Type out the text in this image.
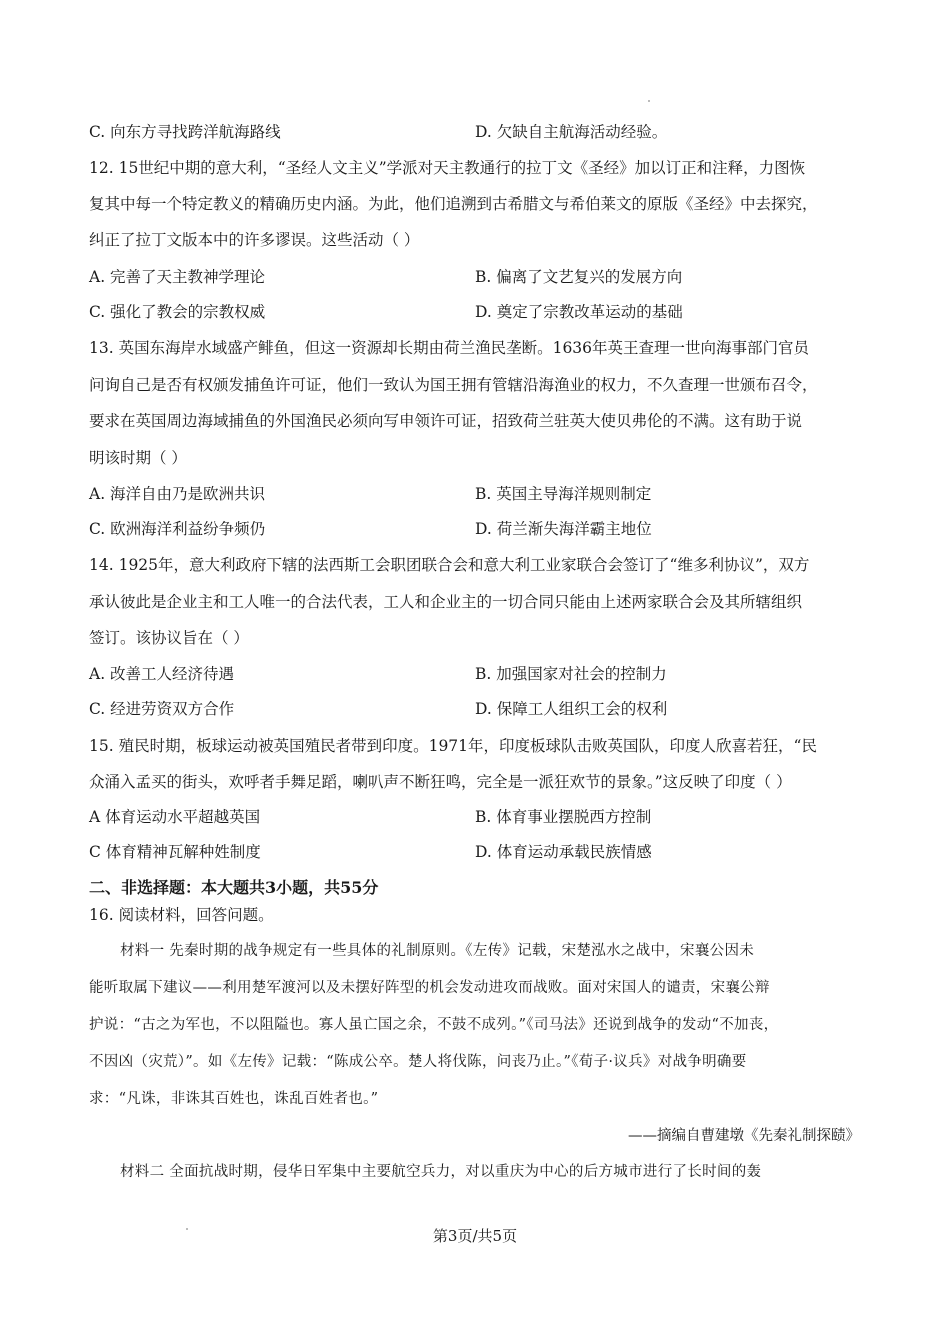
C. 向东方寻找跨洋航海路线	D. 欠缺自主航海活动经验。
12. 15世纪中期的意大利，“圣经人文主义”学派对天主教通行的拉丁文《圣经》加以订正和注释，力图恢
复其中每一个特定教义的精确历史内涵。为此，他们追溯到古希腊文与希伯莱文的原版《圣经》中去探究，
纠正了拉丁文版本中的许多谬误。这些活动（ ）
A. 完善了天主教神学理论	B. 偏离了文艺复兴的发展方向
C. 强化了教会的宗教权威	D. 奠定了宗教改革运动的基础
13. 英国东海岸水域盛产鲱鱼，但这一资源却长期由荷兰渔民垄断。1636年英王查理一世向海事部门官员
问询自己是否有权颁发捕鱼许可证，他们一致认为国王拥有管辖沿海渔业的权力，不久查理一世颁布召令，
要求在英国周边海域捕鱼的外国渔民必须向写申领许可证，招致荷兰驻英大使贝弗伦的不满。这有助于说
明该时期（ ）
A. 海洋自由乃是欧洲共识	B. 英国主导海洋规则制定
C. 欧洲海洋利益纷争频仍	D. 荷兰渐失海洋霸主地位
14. 1925年，意大利政府下辖的法西斯工会职团联合会和意大利工业家联合会签订了“维多利协议”，双方
承认彼此是企业主和工人唯一的合法代表，工人和企业主的一切合同只能由上述两家联合会及其所辖组织
签订。该协议旨在（ ）
A. 改善工人经济待遇	B. 加强国家对社会的控制力
C. 经进劳资双方合作	D. 保障工人组织工会的权利
15. 殖民时期，板球运动被英国殖民者带到印度。1971年，印度板球队击败英国队，印度人欣喜若狂，“民
众涌入孟买的街头，欢呼者手舞足蹈，喇叭声不断狂鸣，完全是一派狂欢节的景象。”这反映了印度（ ）
A 体育运动水平超越英国	B. 体育事业摆脱西方控制
C 体育精神瓦解种姓制度	D. 体育运动承载民族情感
二、非选择题：本大题共3小题，共55分
16. 阅读材料，回答问题。
材料一 先秦时期的战争规定有一些具体的礼制原则。《左传》记载，宋楚泓水之战中，宋襄公因未
能听取属下建议——利用楚军渡河以及未摆好阵型的机会发动进攻而战败。面对宋国人的谴责，宋襄公辩
护说：“古之为军也，不以阻隘也。寡人虽亡国之余，不鼓不成列。”《司马法》还说到战争的发动“不加丧，
不因凶（灾荒）”。如《左传》记载：“陈成公卒。楚人将伐陈，问丧乃止。”《荀子·议兵》对战争明确要
求：“凡诛，非诛其百姓也，诛乱百姓者也。”
——摘编自曹建墩《先秦礼制探赜》
材料二 全面抗战时期，侵华日军集中主要航空兵力，对以重庆为中心的后方城市进行了长时间的轰
第3页/共5页
